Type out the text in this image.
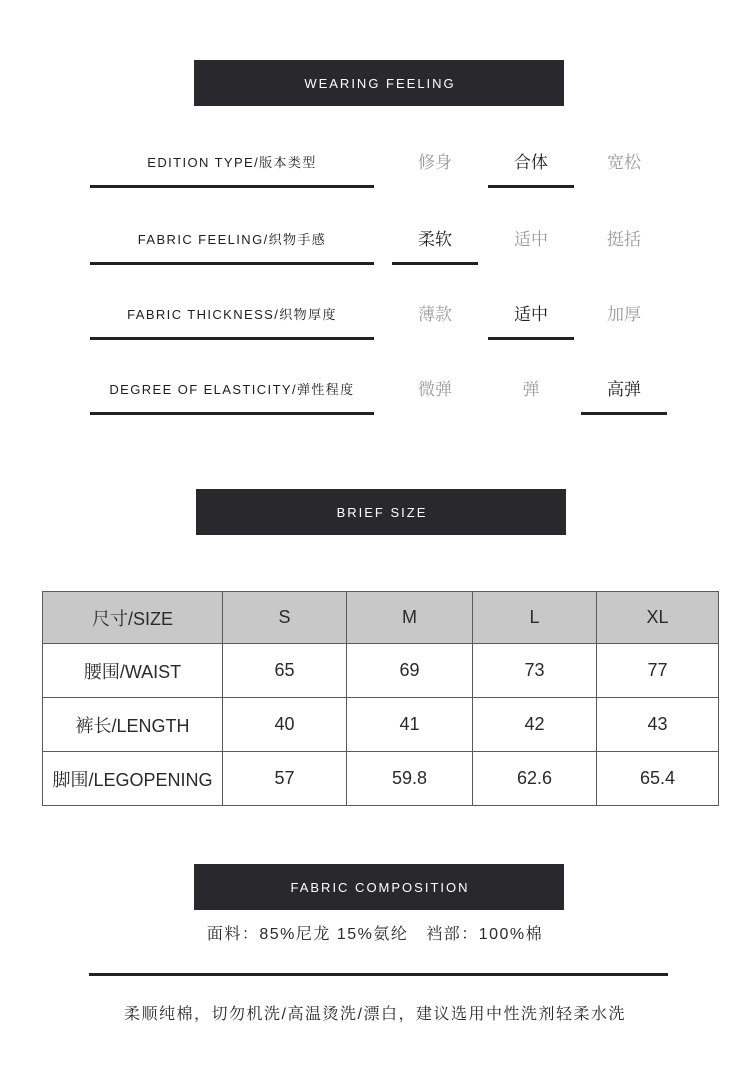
WEARING FEELING
EDITION TYPE/版本类型	修身	合体	宽松
FABRIC FEELING/织物手感	柔软	适中	挺括
FABRIC THICKNESS/织物厚度	薄款	适中	加厚
DEGREE OF ELASTICITY/弹性程度	微弹	弹	高弹
BRIEF SIZE
尺寸/SIZE	S	M	L	XL
腰围/WAIST	65	69	73	77
裤长/LENGTH	40	41	42	43
脚围/LEGOPENING	57	59.8	62.6	65.4
FABRIC COMPOSITION
面料：85%尼龙 15%氨纶   裆部：100%棉
柔顺纯棉，切勿机洗/高温烫洗/漂白，建议选用中性洗剂轻柔水洗
